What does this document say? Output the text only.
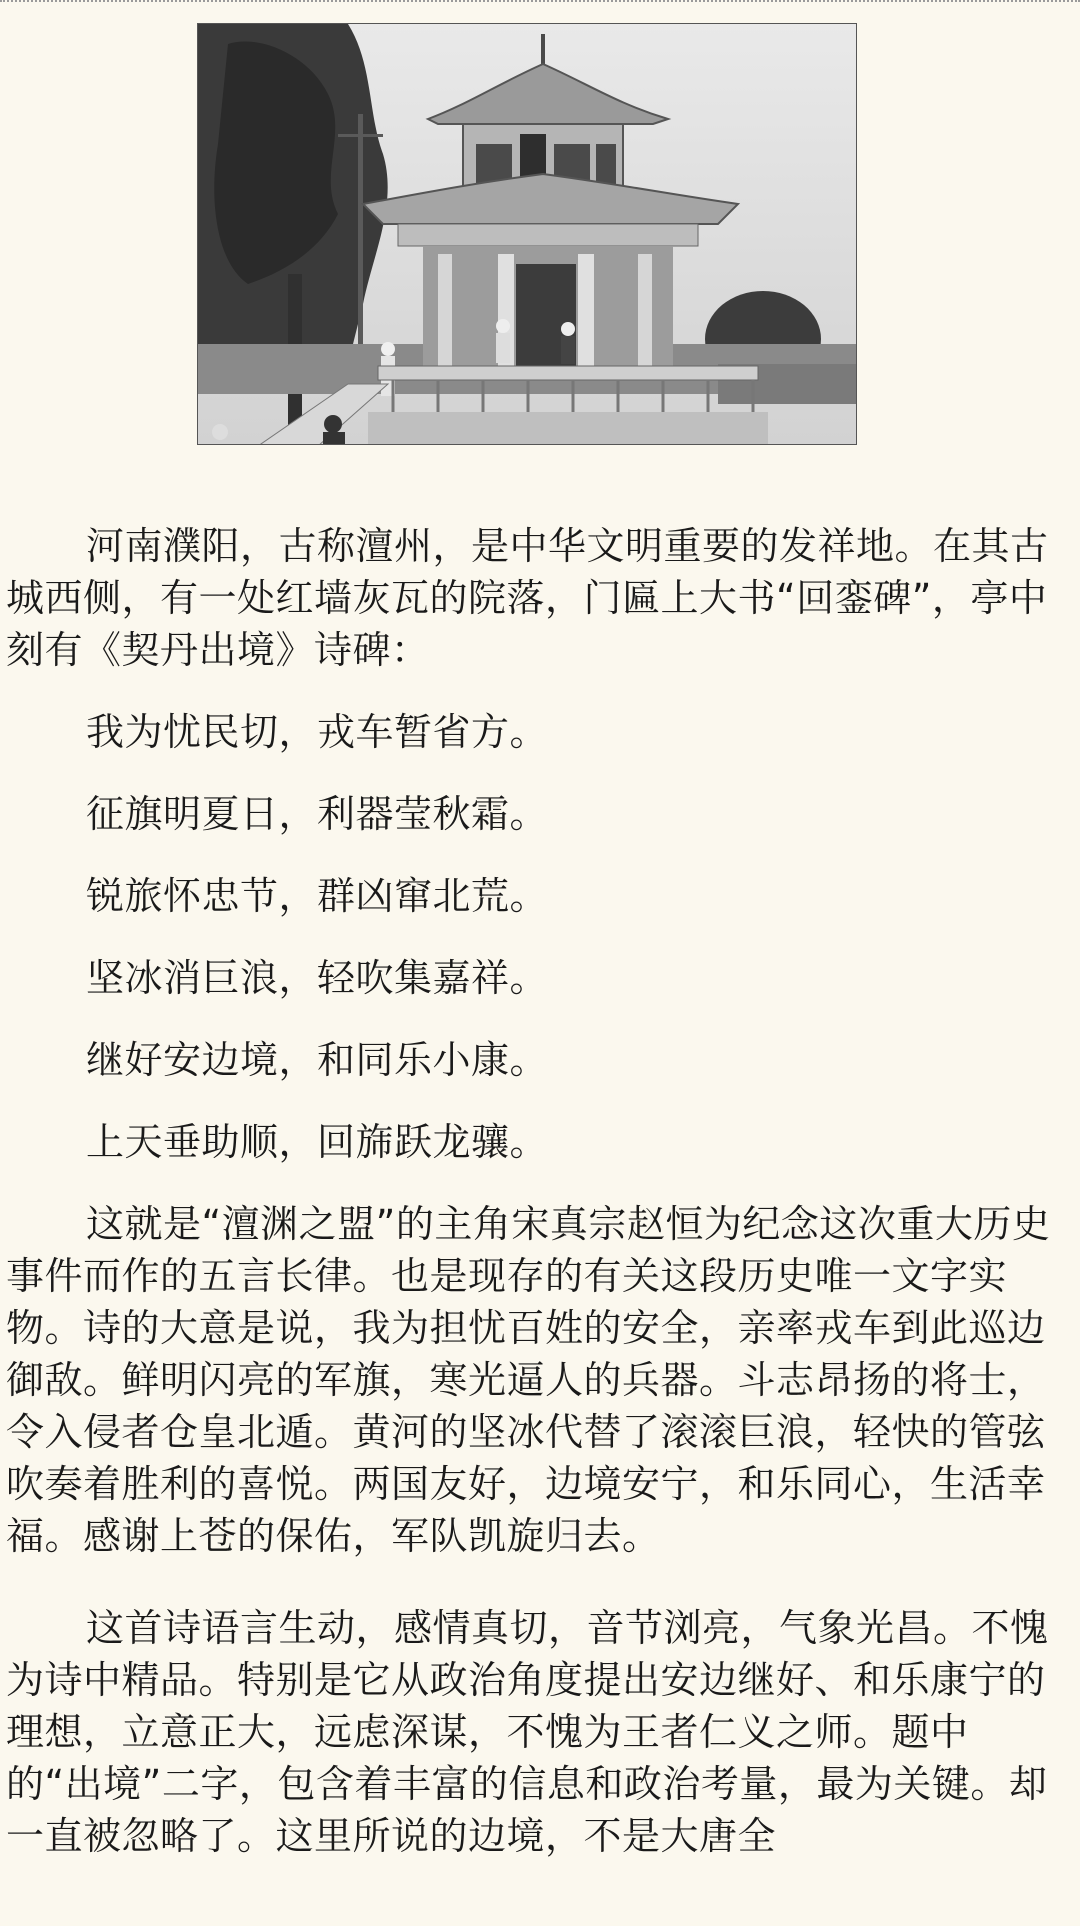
河南濮阳，古称澶州，是中华文明重要的发祥地。在其古城西侧，有一处红墙灰瓦的院落，门匾上大书“回銮碑”，亭中刻有《契丹出境》诗碑：

我为忧民切，戎车暂省方。

征旗明夏日，利器莹秋霜。

锐旅怀忠节，群凶窜北荒。

坚冰消巨浪，轻吹集嘉祥。

继好安边境，和同乐小康。

上天垂助顺，回旆跃龙骧。

这就是“澶渊之盟”的主角宋真宗赵恒为纪念这次重大历史事件而作的五言长律。也是现存的有关这段历史唯一文字实物。诗的大意是说，我为担忧百姓的安全，亲率戎车到此巡边御敌。鲜明闪亮的军旗，寒光逼人的兵器。斗志昂扬的将士，令入侵者仓皇北遁。黄河的坚冰代替了滚滚巨浪，轻快的管弦吹奏着胜利的喜悦。两国友好，边境安宁，和乐同心，生活幸福。感谢上苍的保佑，军队凯旋归去。

这首诗语言生动，感情真切，音节浏亮，气象光昌。不愧为诗中精品。特别是它从政治角度提出安边继好、和乐康宁的理想，立意正大，远虑深谋，不愧为王者仁义之师。题中的“出境”二字，包含着丰富的信息和政治考量，最为关键。却一直被忽略了。这里所说的边境，不是大唐全
